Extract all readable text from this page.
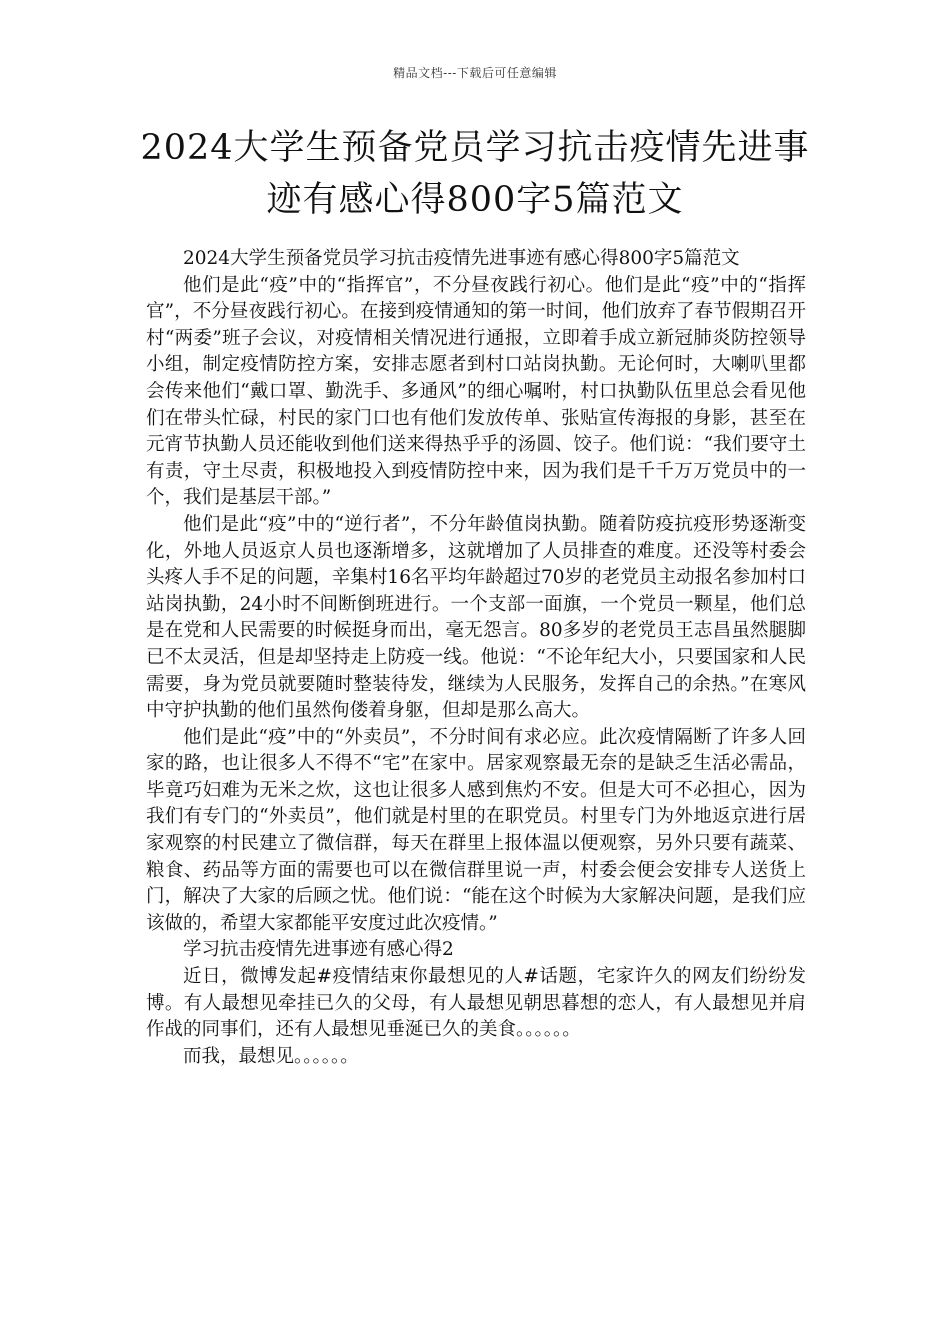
精品文档---下载后可任意编辑
2024大学生预备党员学习抗击疫情先进事
迹有感心得800字5篇范文

2024大学生预备党员学习抗击疫情先进事迹有感心得800字5篇范文

他们是此“疫”中的“指挥官”，不分昼夜践行初心。他们是此“疫”中的“指挥官”，不分昼夜践行初心。在接到疫情通知的第一时间，他们放弃了春节假期召开村“两委”班子会议，对疫情相关情况进行通报，立即着手成立新冠肺炎防控领导小组，制定疫情防控方案，安排志愿者到村口站岗执勤。无论何时，大喇叭里都会传来他们“戴口罩、勤洗手、多通风”的细心嘱咐，村口执勤队伍里总会看见他们在带头忙碌，村民的家门口也有他们发放传单、张贴宣传海报的身影，甚至在元宵节执勤人员还能收到他们送来得热乎乎的汤圆、饺子。他们说：“我们要守土有责，守土尽责，积极地投入到疫情防控中来，因为我们是千千万万党员中的一个，我们是基层干部。”

他们是此“疫”中的“逆行者”，不分年龄值岗执勤。随着防疫抗疫形势逐渐变化，外地人员返京人员也逐渐增多，这就增加了人员排查的难度。还没等村委会头疼人手不足的问题，辛集村16名平均年龄超过70岁的老党员主动报名参加村口站岗执勤，24小时不间断倒班进行。一个支部一面旗，一个党员一颗星，他们总是在党和人民需要的时候挺身而出，毫无怨言。80多岁的老党员王志昌虽然腿脚已不太灵活，但是却坚持走上防疫一线。他说：“不论年纪大小，只要国家和人民需要，身为党员就要随时整装待发，继续为人民服务，发挥自己的余热。”在寒风中守护执勤的他们虽然佝偻着身躯，但却是那么高大。

他们是此“疫”中的“外卖员”，不分时间有求必应。此次疫情隔断了许多人回家的路，也让很多人不得不“宅”在家中。居家观察最无奈的是缺乏生活必需品，毕竟巧妇难为无米之炊，这也让很多人感到焦灼不安。但是大可不必担心，因为我们有专门的“外卖员”，他们就是村里的在职党员。村里专门为外地返京进行居家观察的村民建立了微信群，每天在群里上报体温以便观察，另外只要有蔬菜、粮食、药品等方面的需要也可以在微信群里说一声，村委会便会安排专人送货上门，解决了大家的后顾之忧。他们说：“能在这个时候为大家解决问题，是我们应该做的，希望大家都能平安度过此次疫情。”

学习抗击疫情先进事迹有感心得2

近日，微博发起#疫情结束你最想见的人#话题，宅家许久的网友们纷纷发博。有人最想见牵挂已久的父母，有人最想见朝思暮想的恋人，有人最想见并肩作战的同事们，还有人最想见垂涎已久的美食。。。。。。

而我，最想见。。。。。。
